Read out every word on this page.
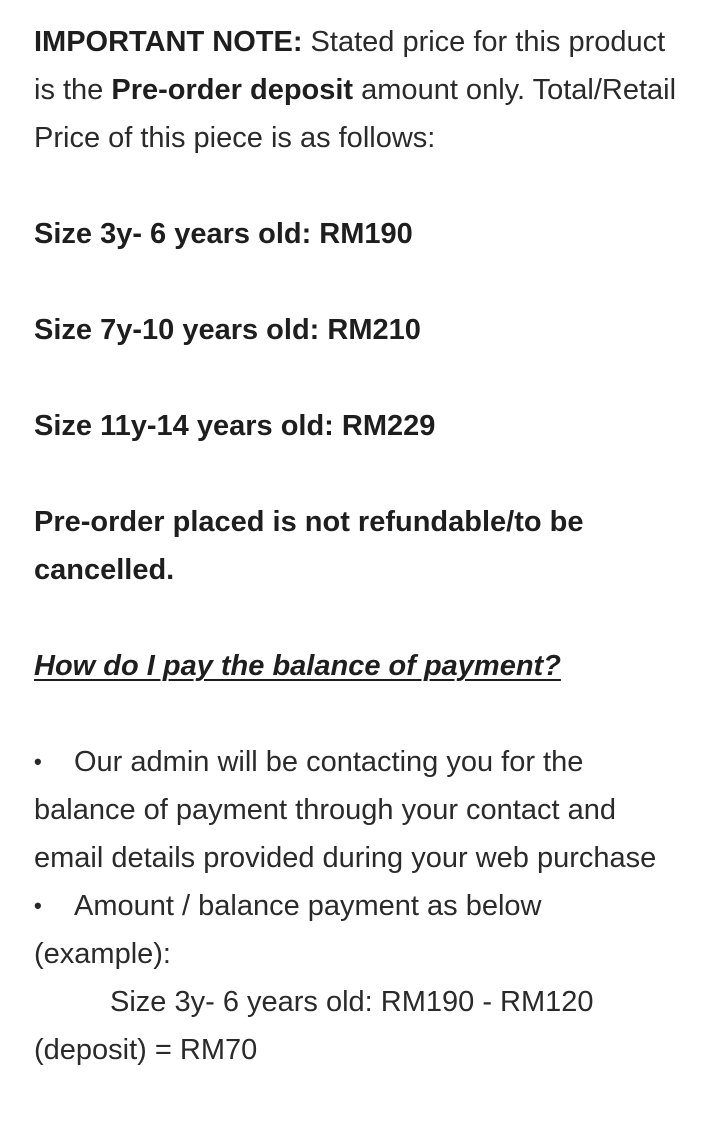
IMPORTANT NOTE: Stated price for this product is the Pre-order deposit amount only. Total/Retail Price of this piece is as follows:

Size 3y- 6 years old: RM190

Size 7y-10 years old: RM210

Size 11y-14 years old: RM229

Pre-order placed is not refundable/to be cancelled.

How do I pay the balance of payment?

• Our admin will be contacting you for the balance of payment through your contact and email details provided during your web purchase

• Amount / balance payment as below (example):

Size 3y- 6 years old: RM190 - RM120

(deposit) = RM70
